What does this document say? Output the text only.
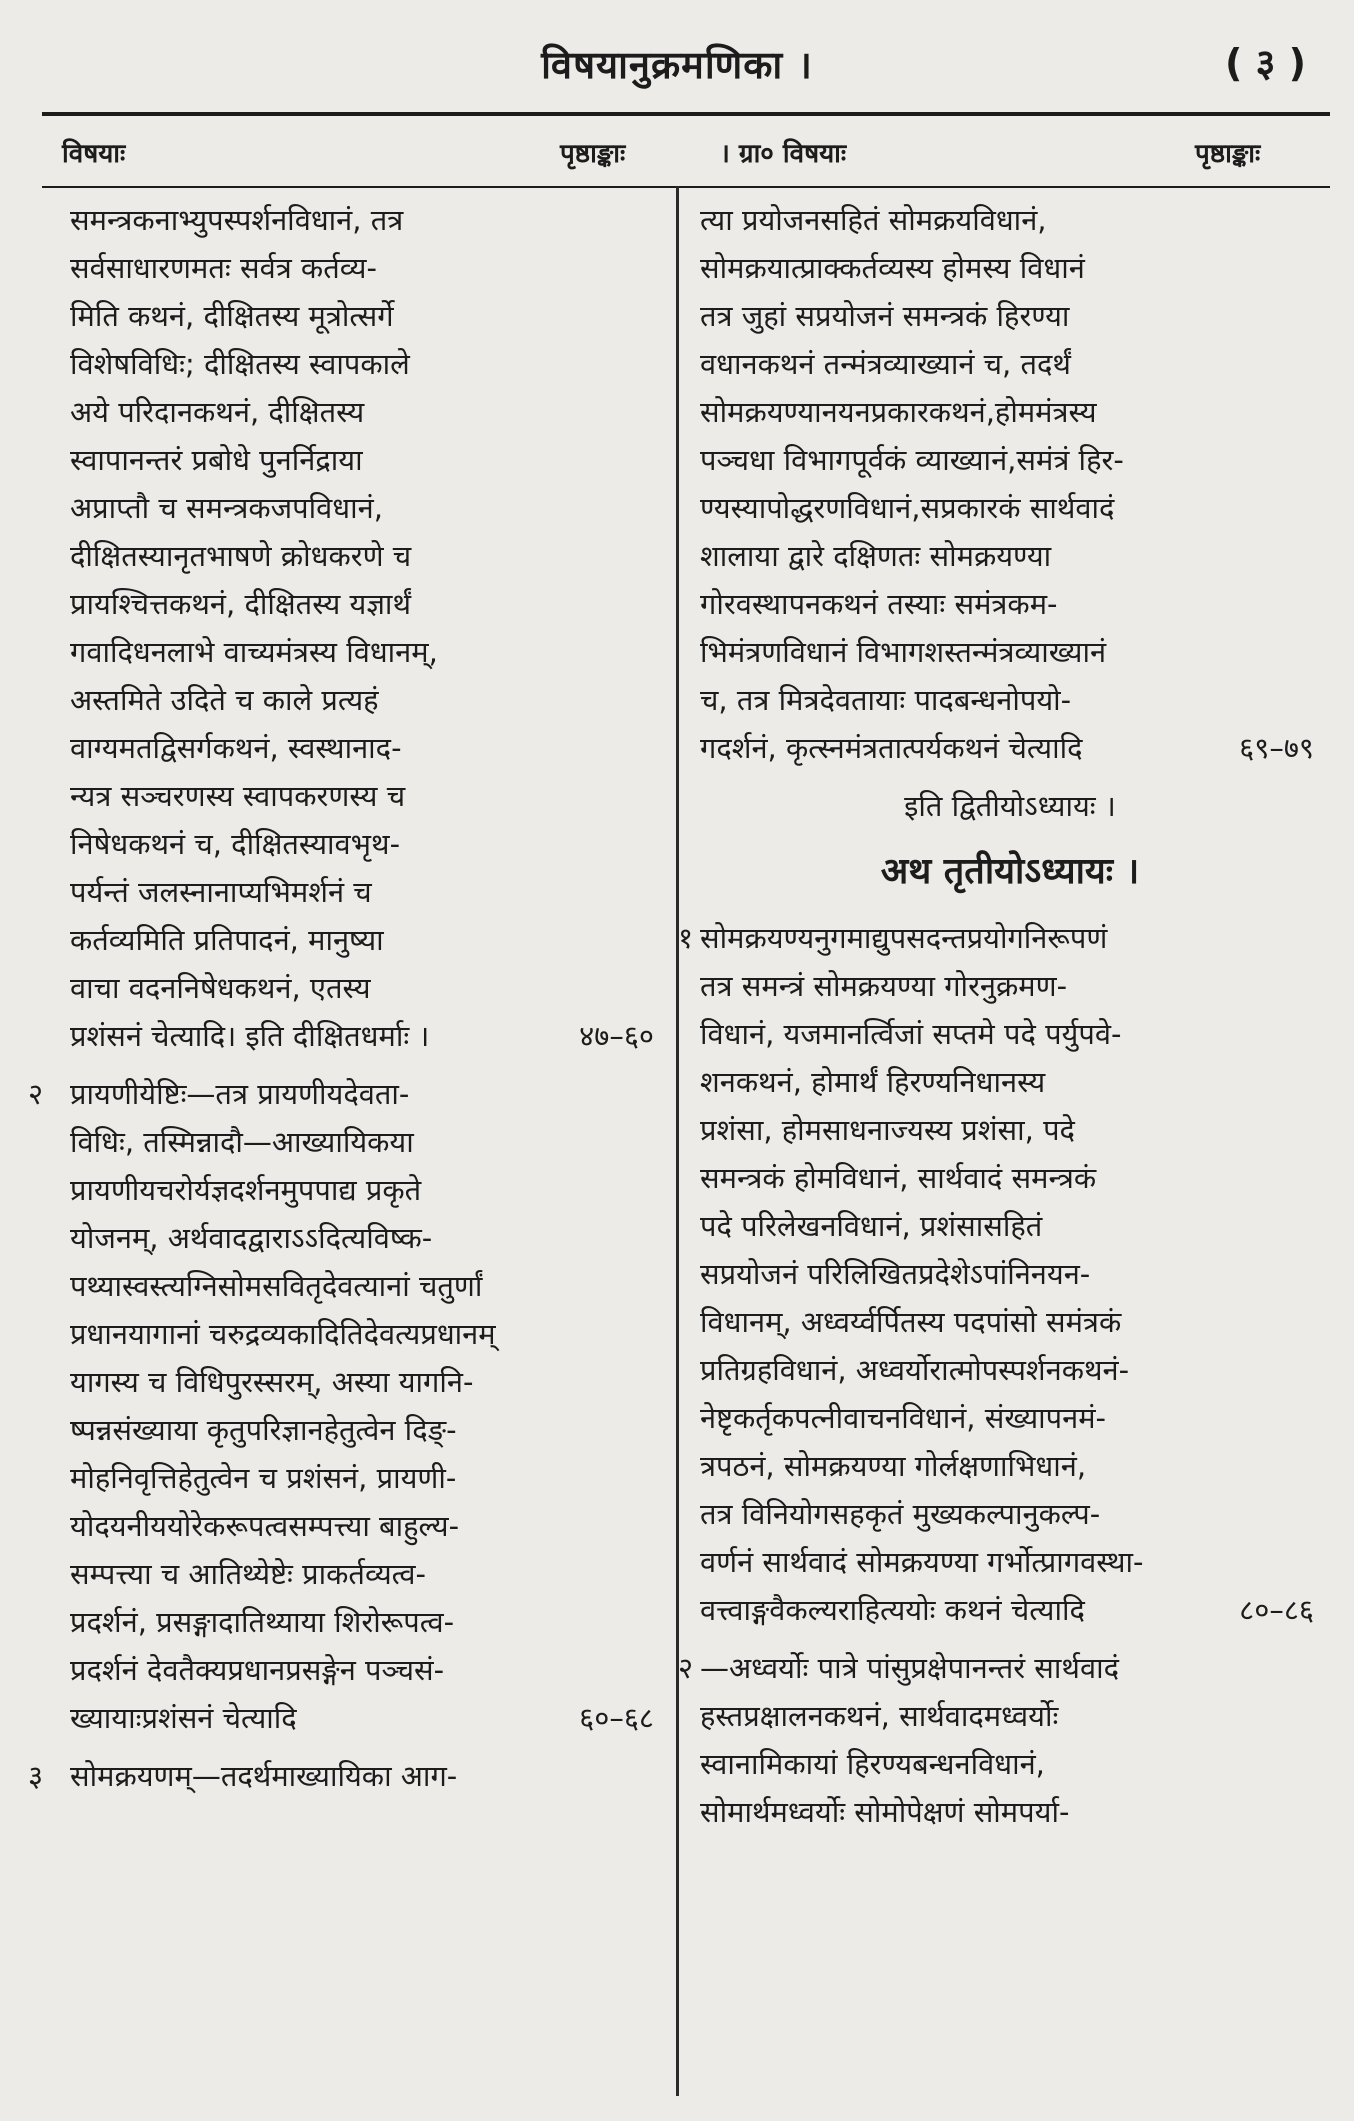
विषयानुक्रमणिका ।	( ३ )
विषयाः	पृष्ठाङ्काः	। ग्रा० विषयाः	पृष्ठाङ्काः
समन्त्रकनाभ्युपस्पर्शनविधानं, तत्र
सर्वसाधारणमतः सर्वत्र कर्तव्य-
मिति कथनं, दीक्षितस्य मूत्रोत्सर्गे
विशेषविधिः; दीक्षितस्य स्वापकाले
अये परिदानकथनं, दीक्षितस्य
स्वापानन्तरं प्रबोधे पुनर्निद्राया
अप्राप्तौ च समन्त्रकजपविधानं,
दीक्षितस्यानृतभाषणे क्रोधकरणे च
प्रायश्चित्तकथनं, दीक्षितस्य यज्ञार्थं
गवादिधनलाभे वाच्यमंत्रस्य विधानम्,
अस्तमिते उदिते च काले प्रत्यहं
वाग्यमतद्विसर्गकथनं, स्वस्थानाद-
न्यत्र सञ्चरणस्य स्वापकरणस्य च
निषेधकथनं च, दीक्षितस्यावभृथ-
पर्यन्तं जलस्नानाप्यभिमर्शनं च
कर्तव्यमिति प्रतिपादनं, मानुष्या
वाचा वदननिषेधकथनं, एतस्य
प्रशंसनं चेत्यादि। इति दीक्षितधर्माः ।	४७–६०
२ प्रायणीयेष्टिः—तत्र प्रायणीयदेवता-
विधिः, तस्मिन्नादौ—आख्यायिकया
प्रायणीयचरोर्यज्ञदर्शनमुपपाद्य प्रकृते
योजनम्, अर्थवादद्वाराऽऽदित्यविष्क-
पथ्यास्वस्त्यग्निसोमसवितृदेवत्यानां चतुर्णां
प्रधानयागानां चरुद्रव्यकादितिदेवत्यप्रधानम्
यागस्य च विधिपुरस्सरम्, अस्या यागनि-
ष्पन्नसंख्याया कृतुपरिज्ञानहेतुत्वेन दिङ्-
मोहनिवृत्तिहेतुत्वेन च प्रशंसनं, प्रायणी-
योदयनीययोरेकरूपत्वसम्पत्त्या बाहुल्य-
सम्पत्त्या च आतिथ्येष्टेः प्राकर्तव्यत्व-
प्रदर्शनं, प्रसङ्गादातिथ्याया शिरोरूपत्व-
प्रदर्शनं देवतैक्यप्रधानप्रसङ्गेन पञ्चसं-
ख्यायाःप्रशंसनं चेत्यादि	६०–६८
३ सोमक्रयणम्—तदर्थमाख्यायिका आग-
त्या प्रयोजनसहितं सोमक्रयविधानं,
सोमक्रयात्प्राक्कर्तव्यस्य होमस्य विधानं
तत्र जुहां सप्रयोजनं समन्त्रकं हिरण्या
वधानकथनं तन्मंत्रव्याख्यानं च, तदर्थं
सोमक्रयण्यानयनप्रकारकथनं,होममंत्रस्य
पञ्चधा विभागपूर्वकं व्याख्यानं,समंत्रं हिर-
ण्यस्यापोद्धरणविधानं,सप्रकारकं सार्थवादं
शालाया द्वारे दक्षिणतः सोमक्रयण्या
गोरवस्थापनकथनं तस्याः समंत्रकम-
भिमंत्रणविधानं विभागशस्तन्मंत्रव्याख्यानं
च, तत्र मित्रदेवतायाः पादबन्धनोपयो-
गदर्शनं, कृत्स्नमंत्रतात्पर्यकथनं चेत्यादि	६९–७९
इति द्वितीयोऽध्यायः ।
अथ तृतीयोऽध्यायः ।
१ सोमक्रयण्यनुगमाद्युपसदन्तप्रयोगनिरूपणं
तत्र समन्त्रं सोमक्रयण्या गोरनुक्रमण-
विधानं, यजमानर्त्विजां सप्तमे पदे पर्युपवे-
शनकथनं, होमार्थं हिरण्यनिधानस्य
प्रशंसा, होमसाधनाज्यस्य प्रशंसा, पदे
समन्त्रकं होमविधानं, सार्थवादं समन्त्रकं
पदे परिलेखनविधानं, प्रशंसासहितं
सप्रयोजनं परिलिखितप्रदेशेऽपांनिनयन-
विधानम्, अध्वर्य्वर्पितस्य पदपांसो समंत्रकं
प्रतिग्रहविधानं, अध्वर्योरात्मोपस्पर्शनकथनं-
नेष्टृकर्तृकपत्नीवाचनविधानं, संख्यापनमं-
त्रपठनं, सोमक्रयण्या गोर्लक्षणाभिधानं,
तत्र विनियोगसहकृतं मुख्यकल्पानुकल्प-
वर्णनं सार्थवादं सोमक्रयण्या गर्भोत्प्रागवस्था-
वत्त्वाङ्गवैकल्यराहित्ययोः कथनं चेत्यादि	८०–८६
२ —अध्वर्योः पात्रे पांसुप्रक्षेपानन्तरं सार्थवादं
हस्तप्रक्षालनकथनं, सार्थवादमध्वर्योः
स्वानामिकायां हिरण्यबन्धनविधानं,
सोमार्थमध्वर्योः सोमोपेक्षणं सोमपर्या-
